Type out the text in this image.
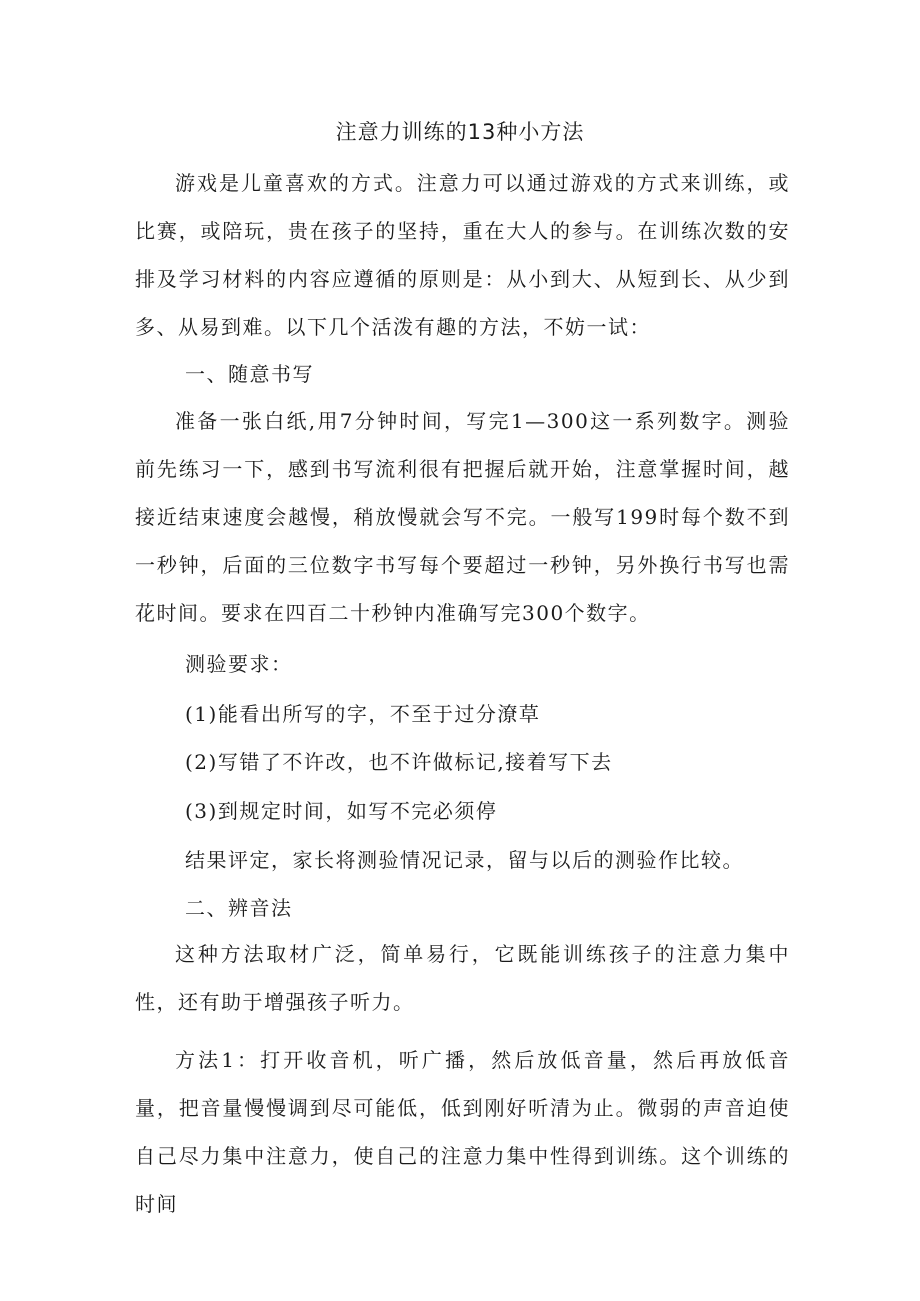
注意力训练的13种小方法

游戏是儿童喜欢的方式。注意力可以通过游戏的方式来训练，或比赛，或陪玩，贵在孩子的坚持，重在大人的参与。在训练次数的安排及学习材料的内容应遵循的原则是：从小到大、从短到长、从少到多、从易到难。以下几个活泼有趣的方法，不妨一试：

一、随意书写

准备一张白纸,用7分钟时间，写完1—300这一系列数字。测验前先练习一下，感到书写流利很有把握后就开始，注意掌握时间，越接近结束速度会越慢，稍放慢就会写不完。一般写199时每个数不到一秒钟，后面的三位数字书写每个要超过一秒钟，另外换行书写也需花时间。要求在四百二十秒钟内准确写完300个数字。

测验要求：

(1)能看出所写的字，不至于过分潦草

(2)写错了不许改，也不许做标记,接着写下去

(3)到规定时间，如写不完必须停

结果评定，家长将测验情况记录，留与以后的测验作比较。

二、辨音法

这种方法取材广泛，简单易行，它既能训练孩子的注意力集中性，还有助于增强孩子听力。

方法1：打开收音机，听广播，然后放低音量，然后再放低音量，把音量慢慢调到尽可能低，低到刚好听清为止。微弱的声音迫使自己尽力集中注意力，使自己的注意力集中性得到训练。这个训练的时间
